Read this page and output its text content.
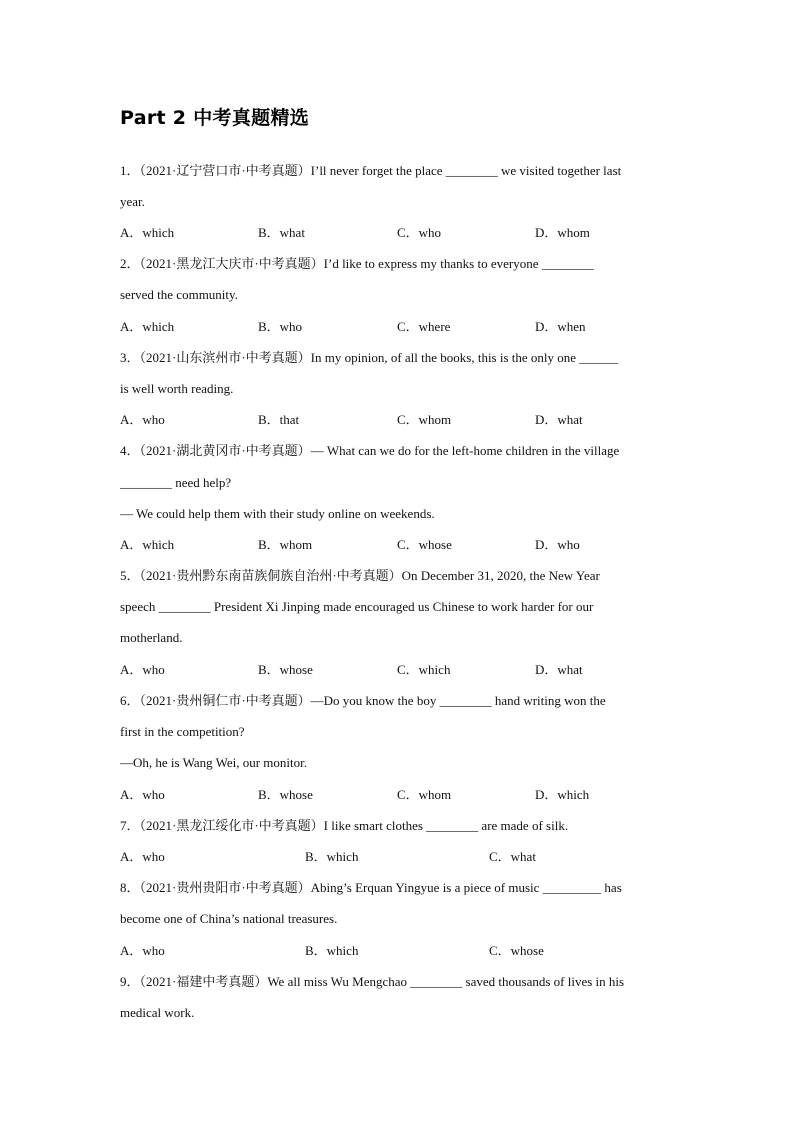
Part 2 中考真题精选
1．（2021·辽宁营口市·中考真题）I’ll never forget the place ________ we visited together last
year.
A．which	B．what	C．who	D．whom
2．（2021·黑龙江大庆市·中考真题）I’d like to express my thanks to everyone ________
served the community.
A．which	B．who	C．where	D．when
3．（2021·山东滨州市·中考真题）In my opinion, of all the books, this is the only one ______
is well worth reading.
A．who	B．that	C．whom	D．what
4．（2021·湖北黄冈市·中考真题）— What can we do for the left-home children in the village
________ need help?
— We could help them with their study online on weekends.
A．which	B．whom	C．whose	D．who
5．（2021·贵州黔东南苗族侗族自治州·中考真题）On December 31, 2020, the New Year
speech ________ President Xi Jinping made encouraged us Chinese to work harder for our
motherland.
A．who	B．whose	C．which	D．what
6．（2021·贵州铜仁市·中考真题）—Do you know the boy ________ hand writing won the
first in the competition?
—Oh, he is Wang Wei, our monitor.
A．who	B．whose	C．whom	D．which
7．（2021·黑龙江绥化市·中考真题）I like smart clothes ________ are made of silk.
A．who	B．which	C．what
8．（2021·贵州贵阳市·中考真题）Abing’s Erquan Yingyue is a piece of music _________ has
become one of China’s national treasures.
A．who	B．which	C．whose
9．（2021·福建中考真题）We all miss Wu Mengchao ________ saved thousands of lives in his
medical work.
